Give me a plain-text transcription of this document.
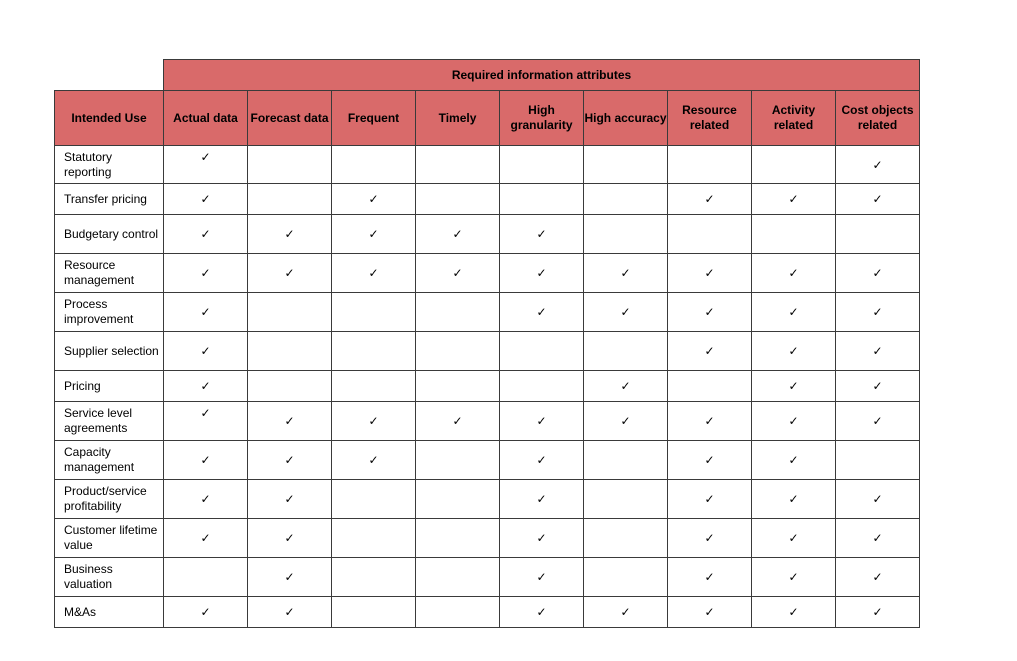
	Required information attributes								
Intended Use	Actual data	Forecast data	Frequent	Timely	High granularity	High accuracy	Resource related	Activity related	Cost objects related
Statutory reporting	✓								✓
Transfer pricing	✓		✓				✓	✓	✓
Budgetary control	✓	✓	✓	✓	✓				
Resource management	✓	✓	✓	✓	✓	✓	✓	✓	✓
Process improvement	✓				✓	✓	✓	✓	✓
Supplier selection	✓						✓	✓	✓
Pricing	✓					✓		✓	✓
Service level agreements	✓	✓	✓	✓	✓	✓	✓	✓	✓
Capacity management	✓	✓	✓		✓		✓	✓	
Product/service profitability	✓	✓			✓		✓	✓	✓
Customer lifetime value	✓	✓			✓		✓	✓	✓
Business valuation		✓			✓		✓	✓	✓
M&As	✓	✓			✓	✓	✓	✓	✓
